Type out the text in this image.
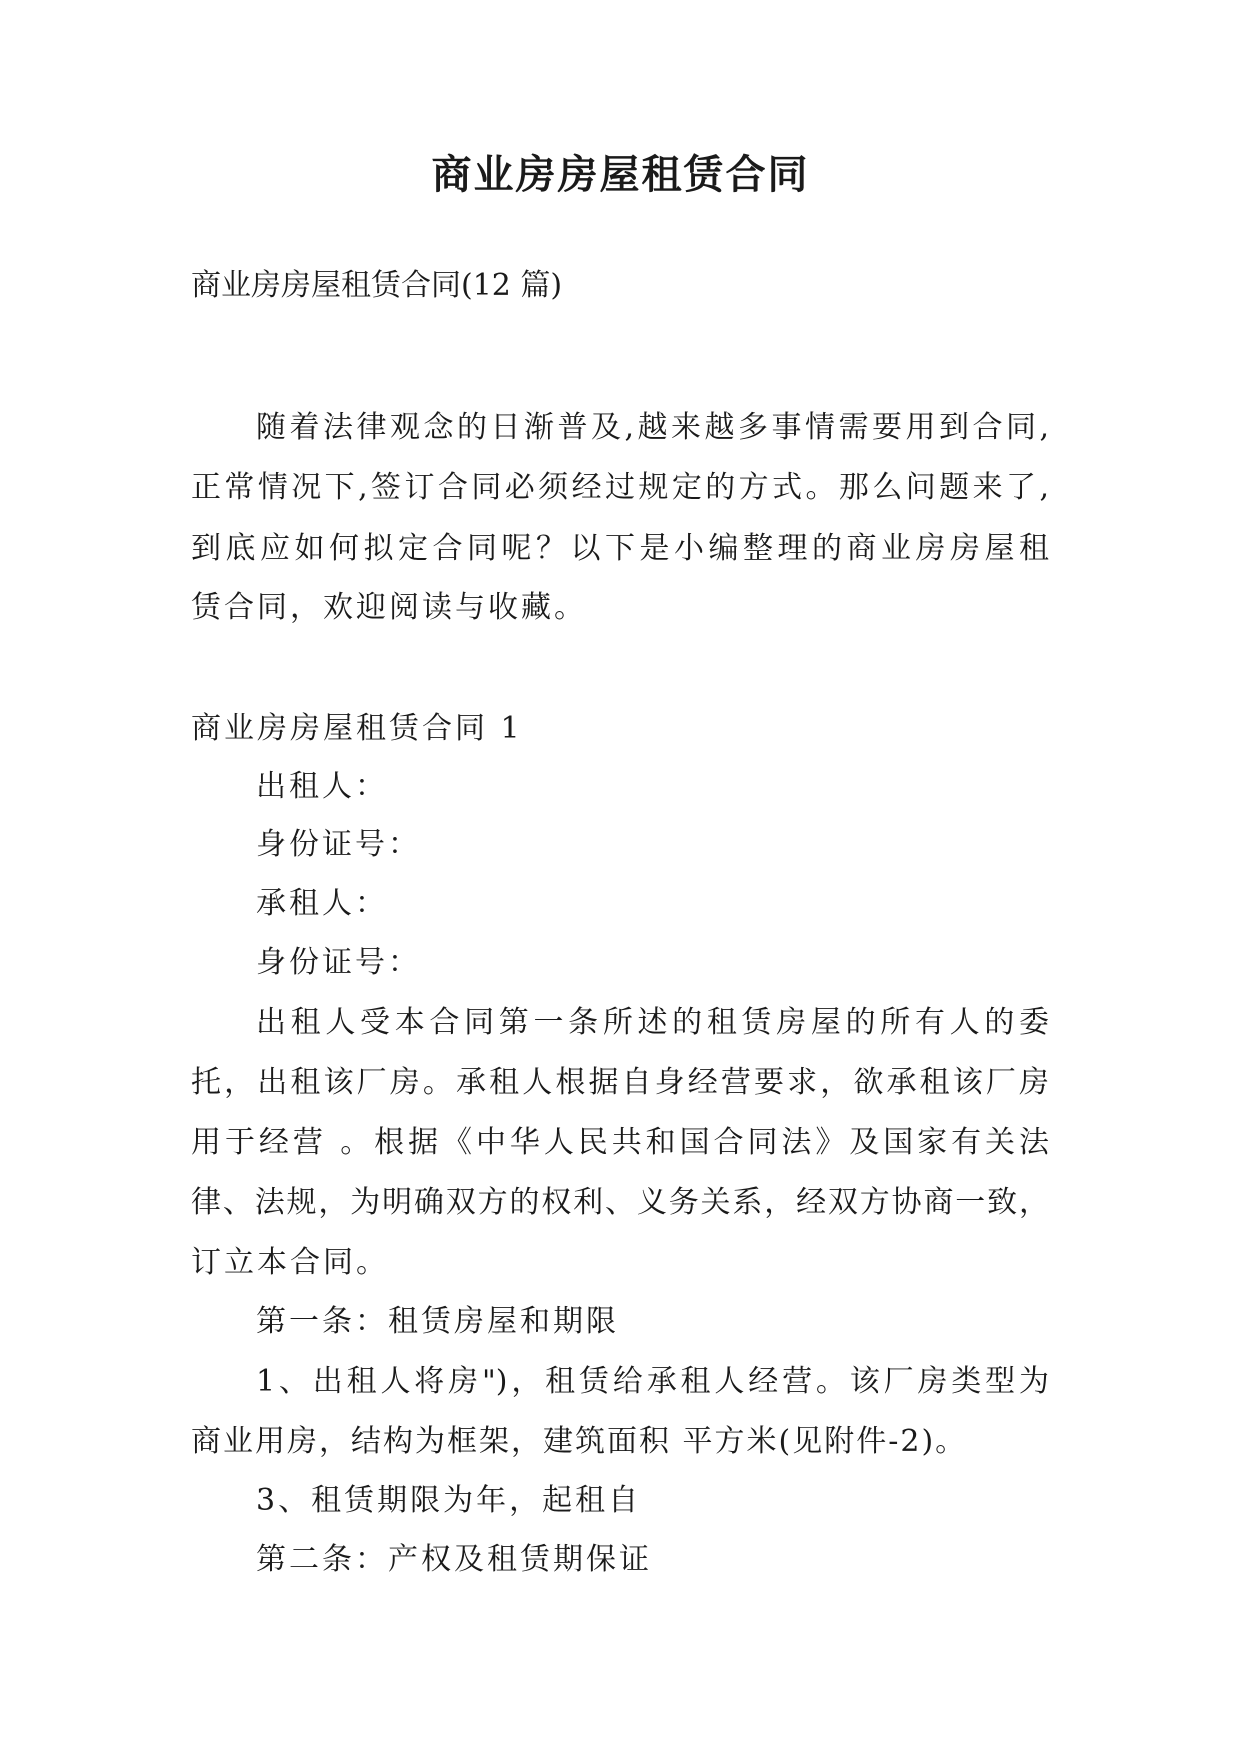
商业房房屋租赁合同
商业房房屋租赁合同(12 篇)
随着法律观念的日渐普及,越来越多事情需要用到合同,
正常情况下,签订合同必须经过规定的方式。那么问题来了,
到底应如何拟定合同呢？以下是小编整理的商业房房屋租
赁合同，欢迎阅读与收藏。
商业房房屋租赁合同 1
出租人：
身份证号：
承租人：
身份证号：
出租人受本合同第一条所述的租赁房屋的所有人的委
托，出租该厂房。承租人根据自身经营要求，欲承租该厂房
用于经营 。根据《中华人民共和国合同法》及国家有关法
律、法规，为明确双方的权利、义务关系，经双方协商一致，
订立本合同。
第一条：租赁房屋和期限
1、出租人将房")，租赁给承租人经营。该厂房类型为
商业用房，结构为框架，建筑面积 平方米(见附件-2)。
3、租赁期限为年，起租自
第二条：产权及租赁期保证
